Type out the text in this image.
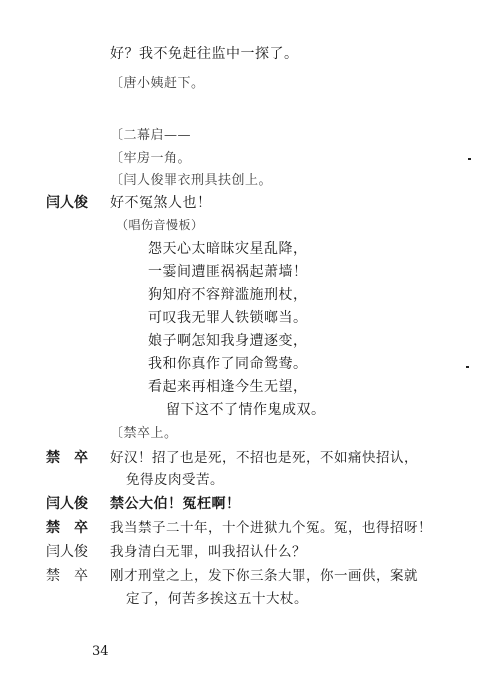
好？我不免赶往监中一探了。
〔唐小姨赶下。
〔二幕启——
〔牢房一角。
〔闫人俊罪衣刑具扶创上。
闫人俊 好不冤煞人也！
（唱伤音慢板）
怨天心太暗昧灾星乱降，
一霎间遭匪祸祸起萧墙！
狗知府不容辩滥施刑杖，
可叹我无罪人铁锁啷当。
娘子啊怎知我身遭逐变，
我和你真作了同命鸳鸯。
看起来再相逢今生无望，
留下这不了情作鬼成双。
〔禁卒上。
禁　卒 好汉！招了也是死，不招也是死，不如痛快招认，
免得皮肉受苦。
闫人俊 禁公大伯！冤枉啊！
禁　卒 我当禁子二十年，十个进狱九个冤。冤，也得招呀！
闫人俊 我身清白无罪，叫我招认什么？
禁　卒 刚才刑堂之上，发下你三条大罪，你一画供，案就
定了，何苦多挨这五十大杖。
34
